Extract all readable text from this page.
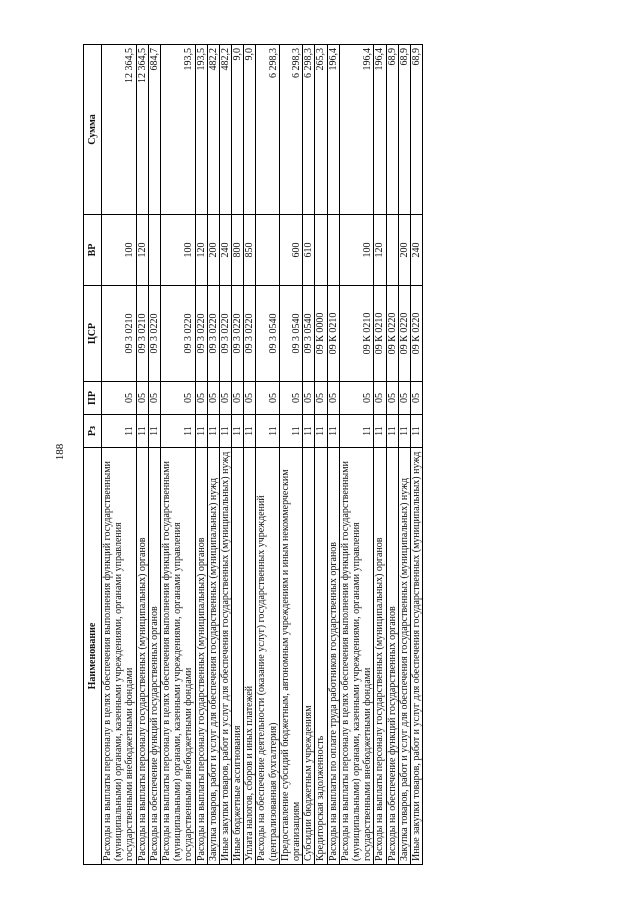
188
Наименование	Рз	ПР	ЦСР	ВР	Сумма
Расходы на выплаты персоналу в целях обеспечения выполнения функций государственными (муниципальными) органами, казенными учреждениями, органами управления государственными внебюджетными фондами	11	05	09 3 0210	100	12 364,5
Расходы на выплаты персоналу государственных (муниципальных) органов	11	05	09 3 0210	120	12 364,5
Расходы на обеспечение функций государственных органов	11	05	09 3 0220		684,7
Расходы на выплаты персоналу в целях обеспечения выполнения функций государственными (муниципальными) органами, казенными учреждениями, органами управления государственными внебюджетными фондами	11	05	09 3 0220	100	193,5
Расходы на выплаты персоналу государственных (муниципальных) органов	11	05	09 3 0220	120	193,5
Закупка товаров, работ и услуг для обеспечения государственных (муниципальных) нужд	11	05	09 3 0220	200	482,2
Иные закупки товаров, работ и услуг для обеспечения государственных (муниципальных) нужд	11	05	09 3 0220	240	482,2
Иные бюджетные ассигнования	11	05	09 3 0220	800	9,0
Уплата налогов, сборов и иных платежей	11	05	09 3 0220	850	9,0
Расходы на обеспечение деятельности (оказание услуг) государственных учреждений (централизованная бухгалтерия)	11	05	09 3 0540		6 298,3
Предоставление субсидий бюджетным, автономным учреждениям и иным некоммерческим организациям	11	05	09 3 0540	600	6 298,3
Субсидии бюджетным учреждениям	11	05	09 3 0540	610	6 298,3
Кредиторская задолженность	11	05	09 К 0000		265,3
Расходы на выплаты по оплате труда работников государственных органов	11	05	09 К 0210		196,4
Расходы на выплаты персоналу в целях обеспечения выполнения функций государственными (муниципальными) органами, казенными учреждениями, органами управления государственными внебюджетными фондами	11	05	09 К 0210	100	196,4
Расходы на выплаты персоналу государственных (муниципальных) органов	11	05	09 К 0210	120	196,4
Расходы на обеспечение функций государственных органов	11	05	09 К 0220		68,9
Закупка товаров, работ и услуг для обеспечения государственных (муниципальных) нужд	11	05	09 К 0220	200	68,9
Иные закупки товаров, работ и услуг для обеспечения государственных (муниципальных) нужд	11	05	09 К 0220	240	68,9
